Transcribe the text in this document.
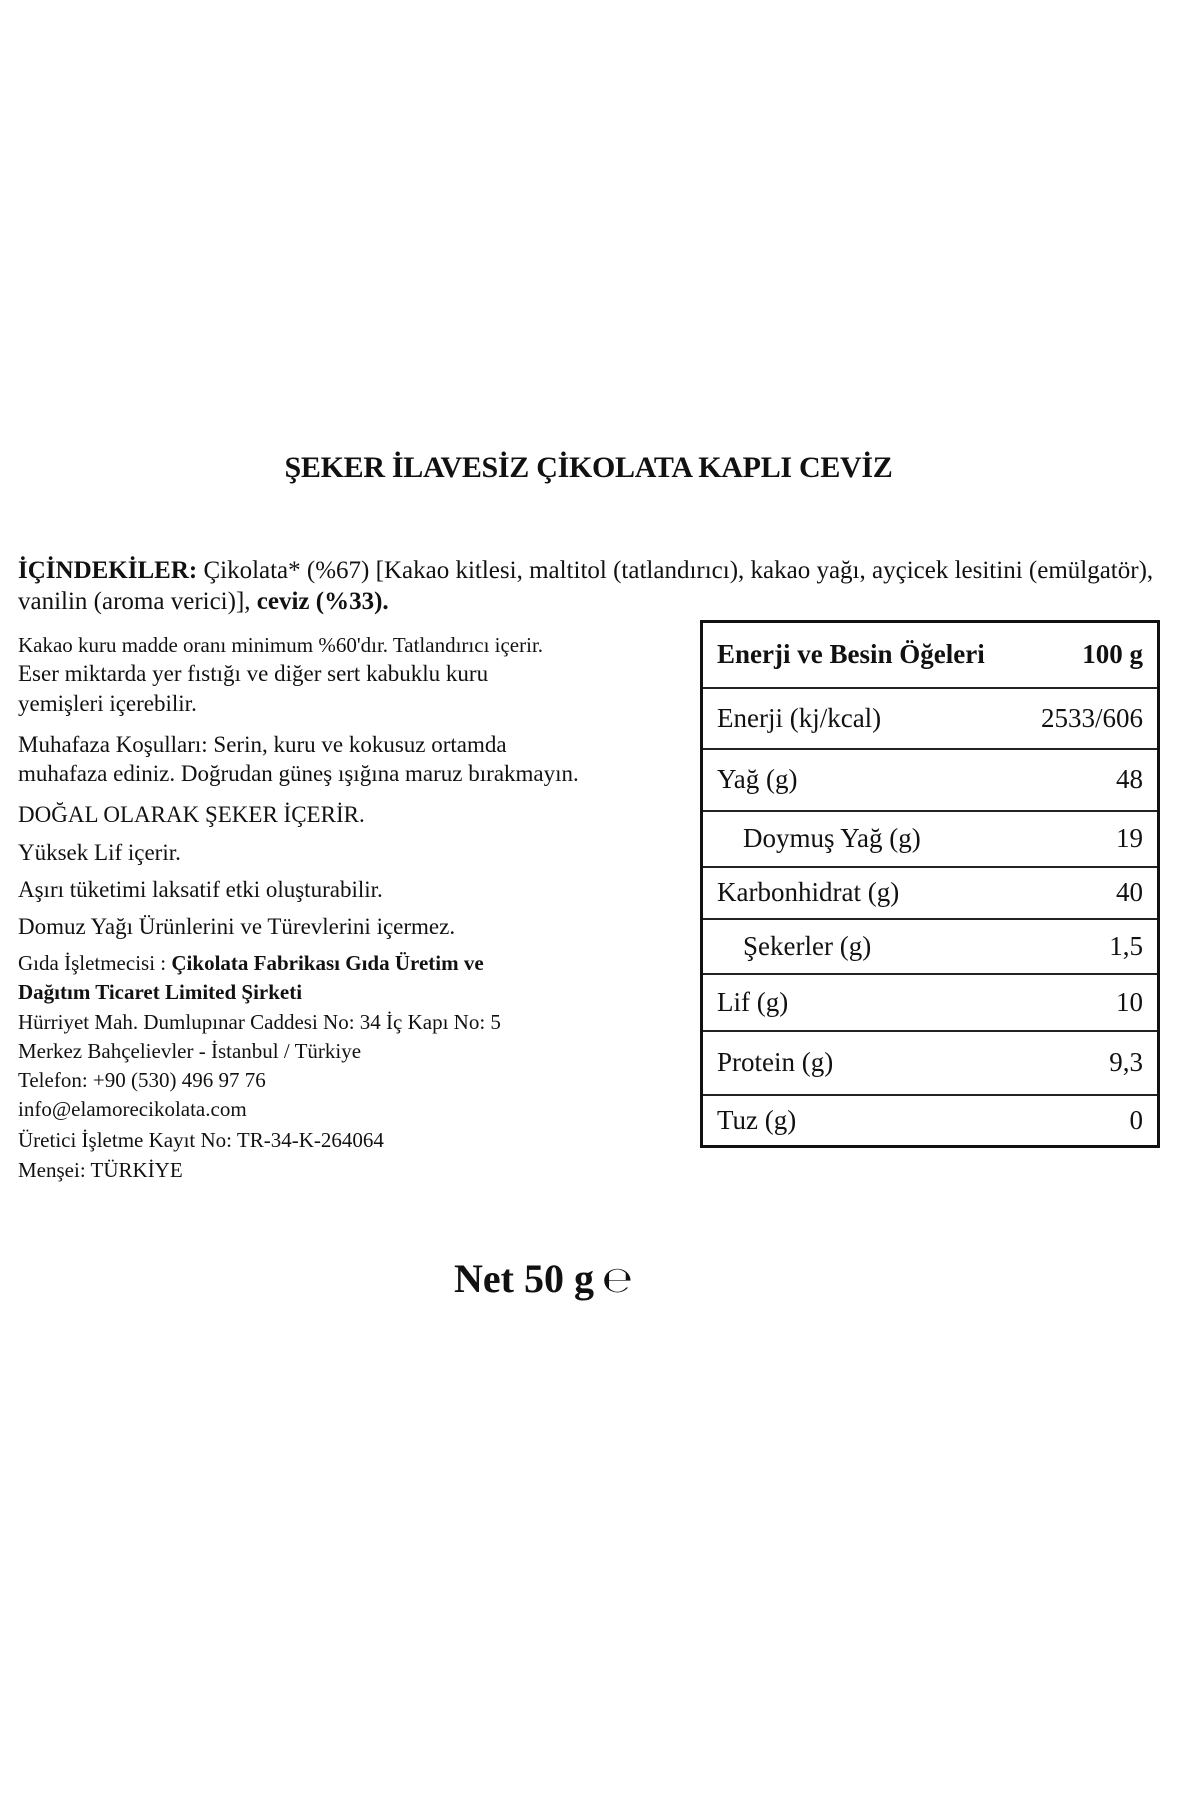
ŞEKER İLAVESİZ ÇİKOLATA KAPLI CEVİZ
İÇİNDEKİLER: Çikolata* (%67) [Kakao kitlesi, maltitol (tatlandırıcı), kakao yağı, ayçicek lesitini (emülgatör), vanilin (aroma verici)], ceviz (%33).
Kakao kuru madde oranı minimum %60'dır. Tatlandırıcı içerir.
Eser miktarda yer fıstığı ve diğer sert kabuklu kuru
yemişleri içerebilir.
Muhafaza Koşulları: Serin, kuru ve kokusuz ortamda
muhafaza ediniz. Doğrudan güneş ışığına maruz bırakmayın.
DOĞAL OLARAK ŞEKER İÇERİR.
Yüksek Lif içerir.
Aşırı tüketimi laksatif etki oluşturabilir.
Domuz Yağı Ürünlerini ve Türevlerini içermez.
Gıda İşletmecisi : Çikolata Fabrikası Gıda Üretim ve
Dağıtım Ticaret Limited Şirketi
Hürriyet Mah. Dumlupınar Caddesi No: 34 İç Kapı No: 5
Merkez Bahçelievler - İstanbul / Türkiye
Telefon: +90 (530) 496 97 76
info@elamorecikolata.com
Üretici İşletme Kayıt No: TR-34-K-264064
Menşei: TÜRKİYE
Enerji ve Besin Öğeleri	100 g
Enerji (kj/kcal)	2533/606
Yağ (g)	48
Doymuş Yağ (g)	19
Karbonhidrat (g)	40
Şekerler (g)	1,5
Lif (g)	10
Protein (g)	9,3
Tuz (g)	0
Net 50 g ℮
